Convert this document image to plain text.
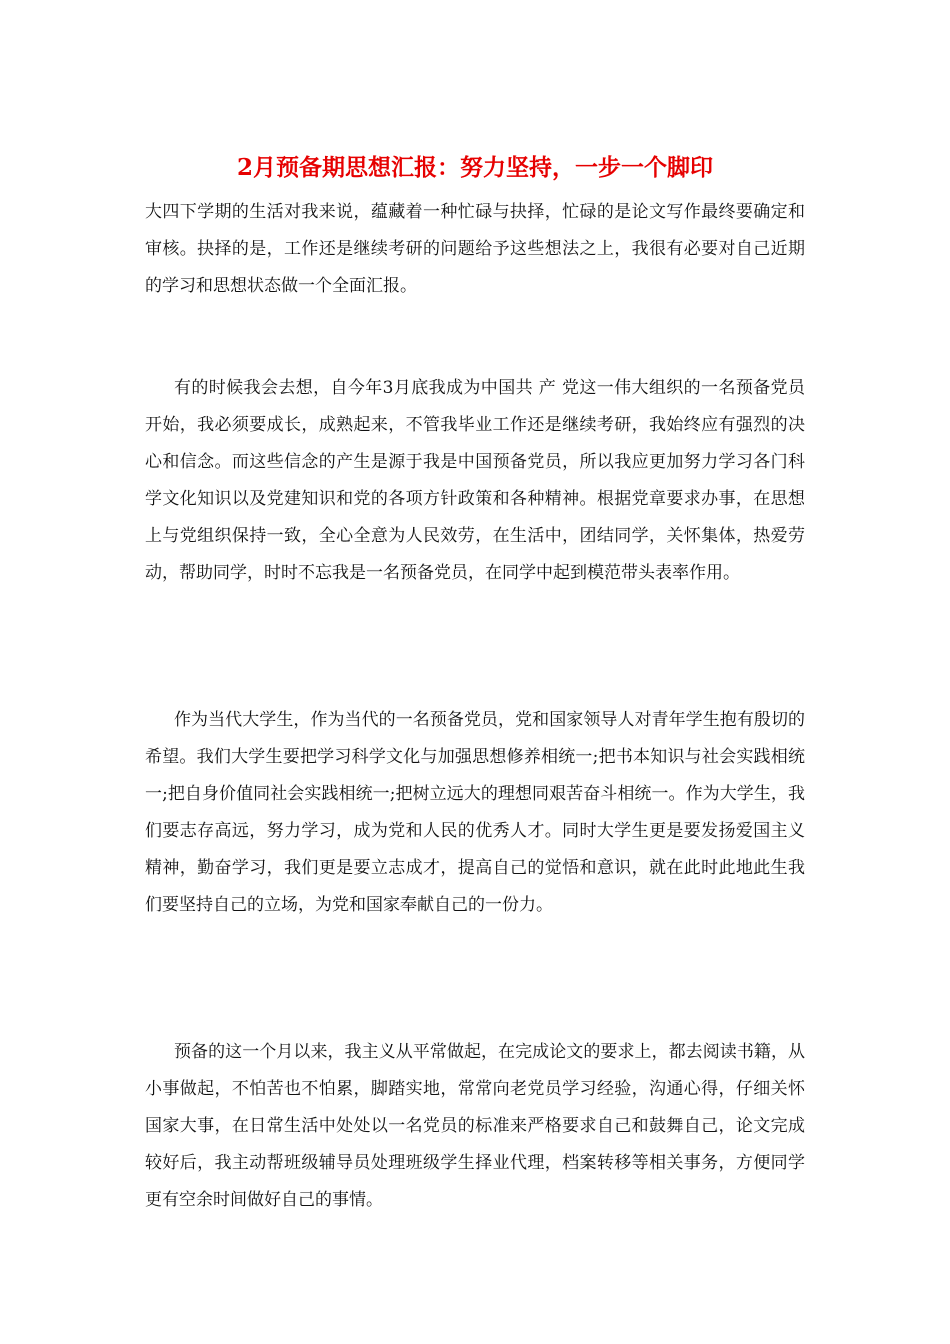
2月预备期思想汇报：努力坚持，一步一个脚印

大四下学期的生活对我来说，蕴藏着一种忙碌与抉择，忙碌的是论文写作最终要确定和审核。抉择的是，工作还是继续考研的问题给予这些想法之上，我很有必要对自己近期的学习和思想状态做一个全面汇报。

有的时候我会去想，自今年3月底我成为中国共 产 党这一伟大组织的一名预备党员开始，我必须要成长，成熟起来，不管我毕业工作还是继续考研，我始终应有强烈的决心和信念。而这些信念的产生是源于我是中国预备党员，所以我应更加努力学习各门科学文化知识以及党建知识和党的各项方针政策和各种精神。根据党章要求办事，在思想上与党组织保持一致，全心全意为人民效劳，在生活中，团结同学，关怀集体，热爱劳动，帮助同学，时时不忘我是一名预备党员，在同学中起到模范带头表率作用。

作为当代大学生，作为当代的一名预备党员，党和国家领导人对青年学生抱有殷切的希望。我们大学生要把学习科学文化与加强思想修养相统一;把书本知识与社会实践相统一;把自身价值同社会实践相统一;把树立远大的理想同艰苦奋斗相统一。作为大学生，我们要志存高远，努力学习，成为党和人民的优秀人才。同时大学生更是要发扬爱国主义精神，勤奋学习，我们更是要立志成才，提高自己的觉悟和意识，就在此时此地此生我们要坚持自己的立场，为党和国家奉献自己的一份力。

预备的这一个月以来，我主义从平常做起，在完成论文的要求上，都去阅读书籍，从小事做起，不怕苦也不怕累，脚踏实地，常常向老党员学习经验，沟通心得，仔细关怀国家大事，在日常生活中处处以一名党员的标准来严格要求自己和鼓舞自己，论文完成较好后，我主动帮班级辅导员处理班级学生择业代理，档案转移等相关事务，方便同学更有空余时间做好自己的事情。
